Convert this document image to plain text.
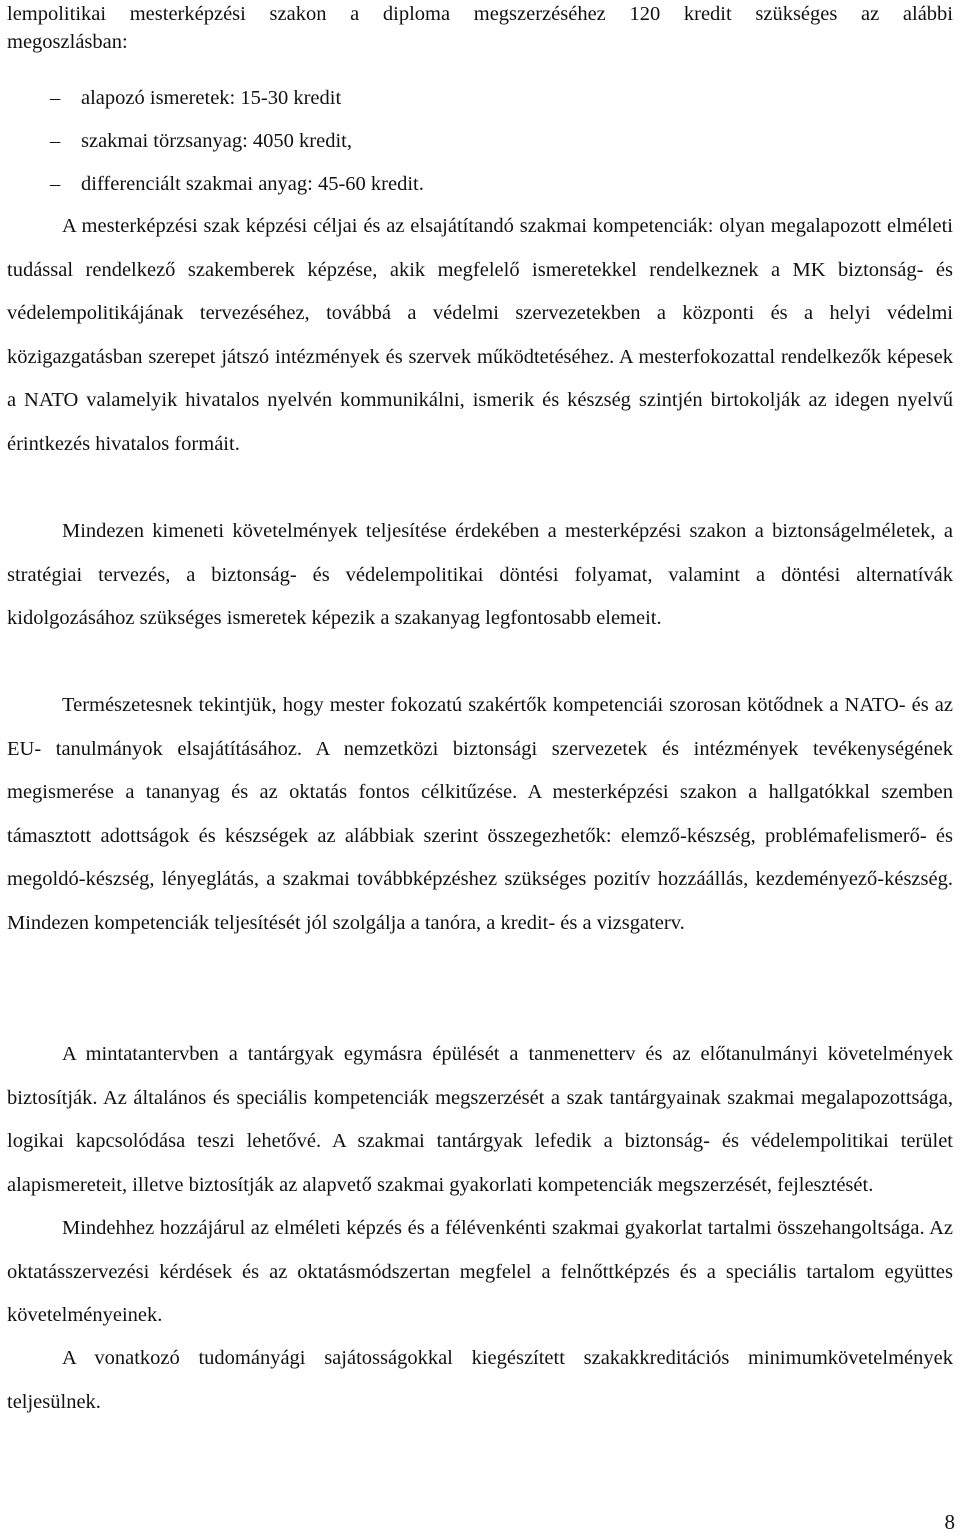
lempolitikai mesterképzési szakon a diploma megszerzéséhez 120 kredit szükséges az alábbi
megoszlásban:
– alapozó ismeretek: 15-30 kredit
– szakmai törzsanyag: 4050 kredit,
– differenciált szakmai anyag: 45-60 kredit.

A mesterképzési szak képzési céljai és az elsajátítandó szakmai kompetenciák: olyan megalapozott elméleti tudással rendelkező szakemberek képzése, akik megfelelő ismeretekkel rendelkeznek a MK biztonság- és védelempolitikájának tervezéséhez, továbbá a védelmi szervezetekben a központi és a helyi védelmi közigazgatásban szerepet játszó intézmények és szervek működtetéséhez. A mesterfokozattal rendelkezők képesek a NATO valamelyik hivatalos nyelvén kommunikálni, ismerik és készség szintjén birtokolják az idegen nyelvű érintkezés hivatalos formáit.

Mindezen kimeneti követelmények teljesítése érdekében a mesterképzési szakon a biztonságelméletek, a stratégiai tervezés, a biztonság- és védelempolitikai döntési folyamat, valamint a döntési alternatívák kidolgozásához szükséges ismeretek képezik a szakanyag legfontosabb elemeit.

Természetesnek tekintjük, hogy mester fokozatú szakértők kompetenciái szorosan kötődnek a NATO- és az EU- tanulmányok elsajátításához. A nemzetközi biztonsági szervezetek és intézmények tevékenységének megismerése a tananyag és az oktatás fontos célkitűzése. A mesterképzési szakon a hallgatókkal szemben támasztott adottságok és készségek az alábbiak szerint összegezhetők: elemző-készség, problémafelismerő- és megoldó-készség, lényeglátás, a szakmai továbbképzéshez szükséges pozitív hozzáállás, kezdeményező-készség. Mindezen kompetenciák teljesítését jól szolgálja a tanóra, a kredit- és a vizsgaterv.

A mintatantervben a tantárgyak egymásra épülését a tanmenetterv és az előtanulmányi követelmények biztosítják. Az általános és speciális kompetenciák megszerzését a szak tantárgyainak szakmai megalapozottsága, logikai kapcsolódása teszi lehetővé. A szakmai tantárgyak lefedik a biztonság- és védelempolitikai terület alapismereteit, illetve biztosítják az alapvető szakmai gyakorlati kompetenciák megszerzését, fejlesztését.

Mindehhez hozzájárul az elméleti képzés és a félévenkénti szakmai gyakorlat tartalmi összehangoltsága. Az oktatásszervezési kérdések és az oktatásmódszertan megfelel a felnőttképzés és a speciális tartalom együttes követelményeinek.

A vonatkozó tudományági sajátosságokkal kiegészített szakakkreditációs minimumkövetelmények teljesülnek.

8
